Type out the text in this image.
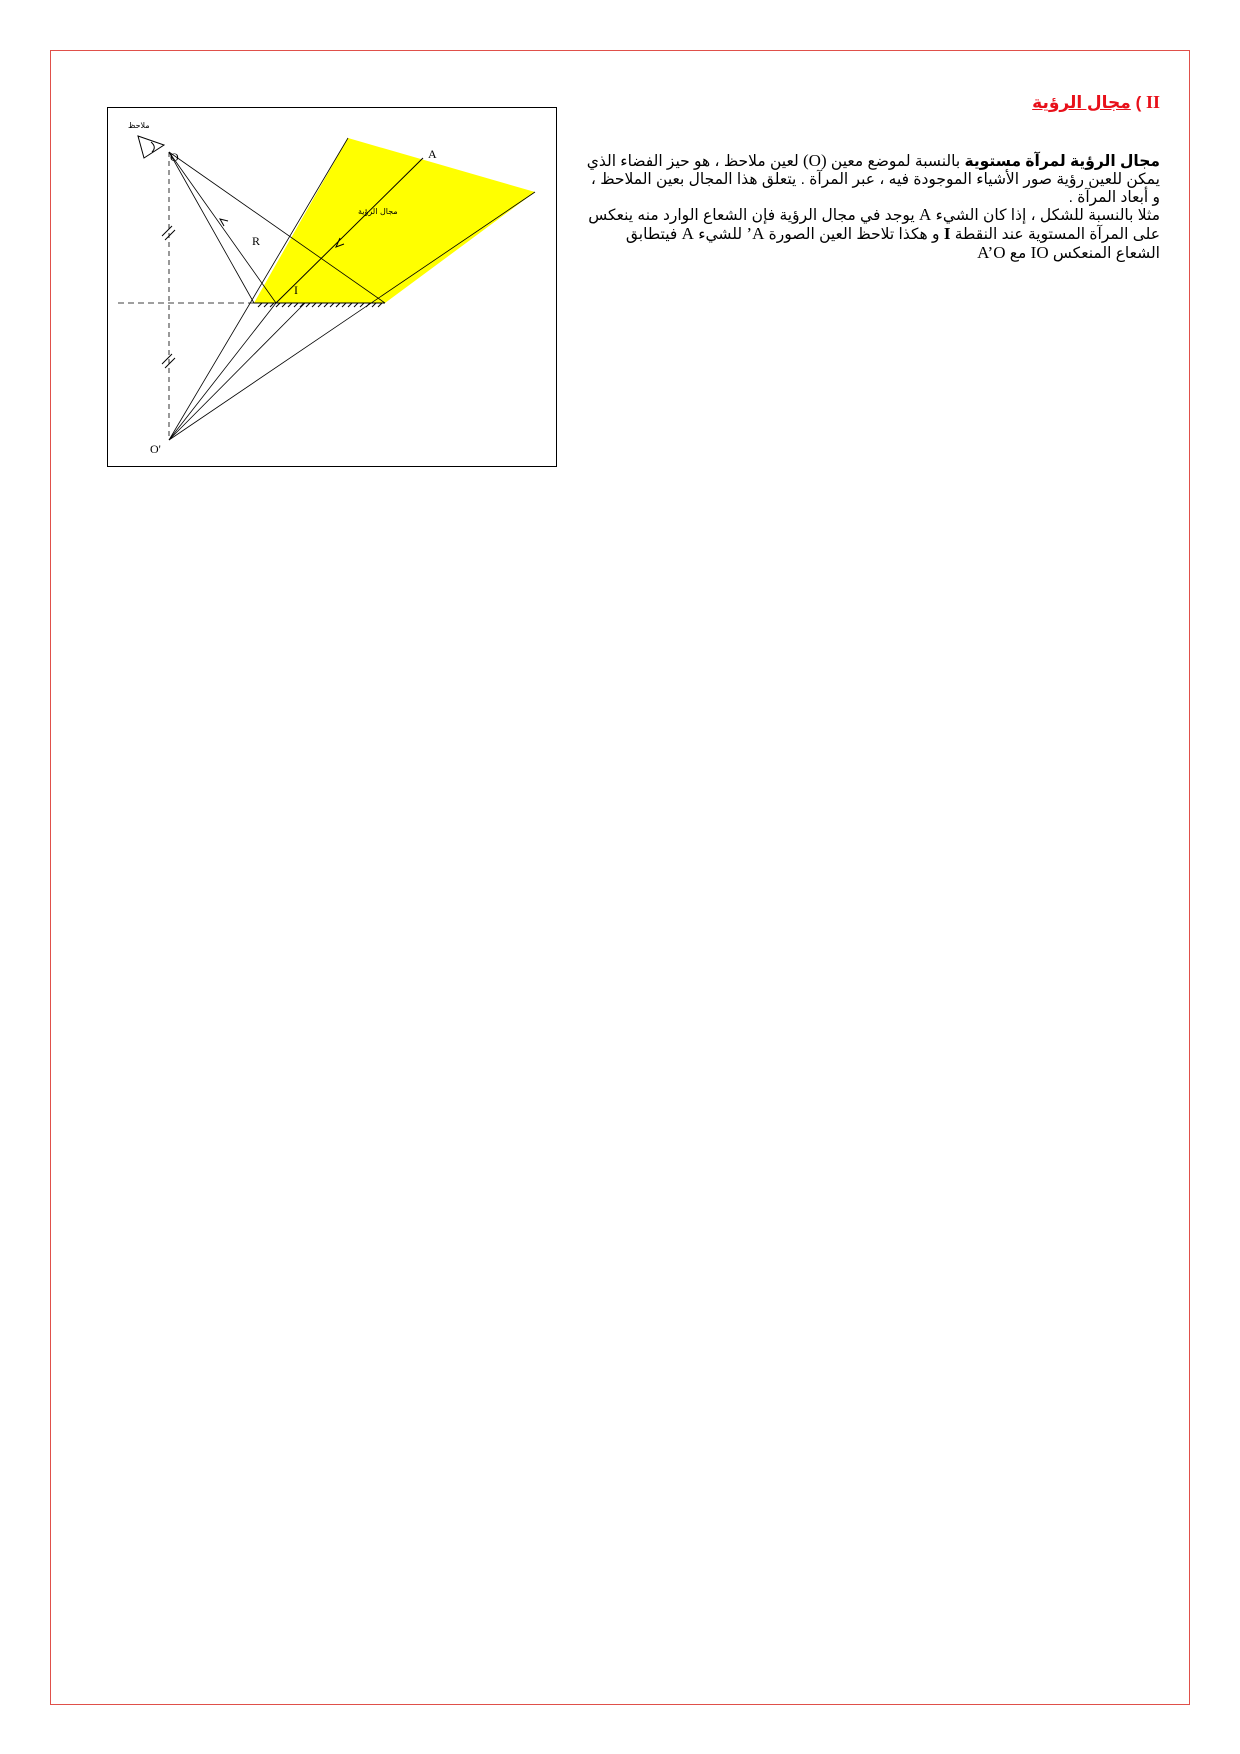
II ) مجال الرؤية

مجال الرؤية لمرآة مستوية بالنسبة لموضع معين (O) لعين ملاحظ ، هو حيز الفضاء الذي يمكن للعين رؤية صور الأشياء الموجودة فيه ، عبر المرآة . يتعلق هذا المجال بعين الملاحظ ، و أبعاد المرآة .

مثلا بالنسبة للشكل ، إذا كان الشيء A يوجد في مجال الرؤية فإن الشعاع الوارد منه ينعكس على المرآة المستوية عند النقطة I و هكذا تلاحظ العين الصورة A’ للشيء A فيتطابق الشعاع المنعكس IO مع A’O

ملاحظ
O
O'
A
R
I
مجال الرؤية
